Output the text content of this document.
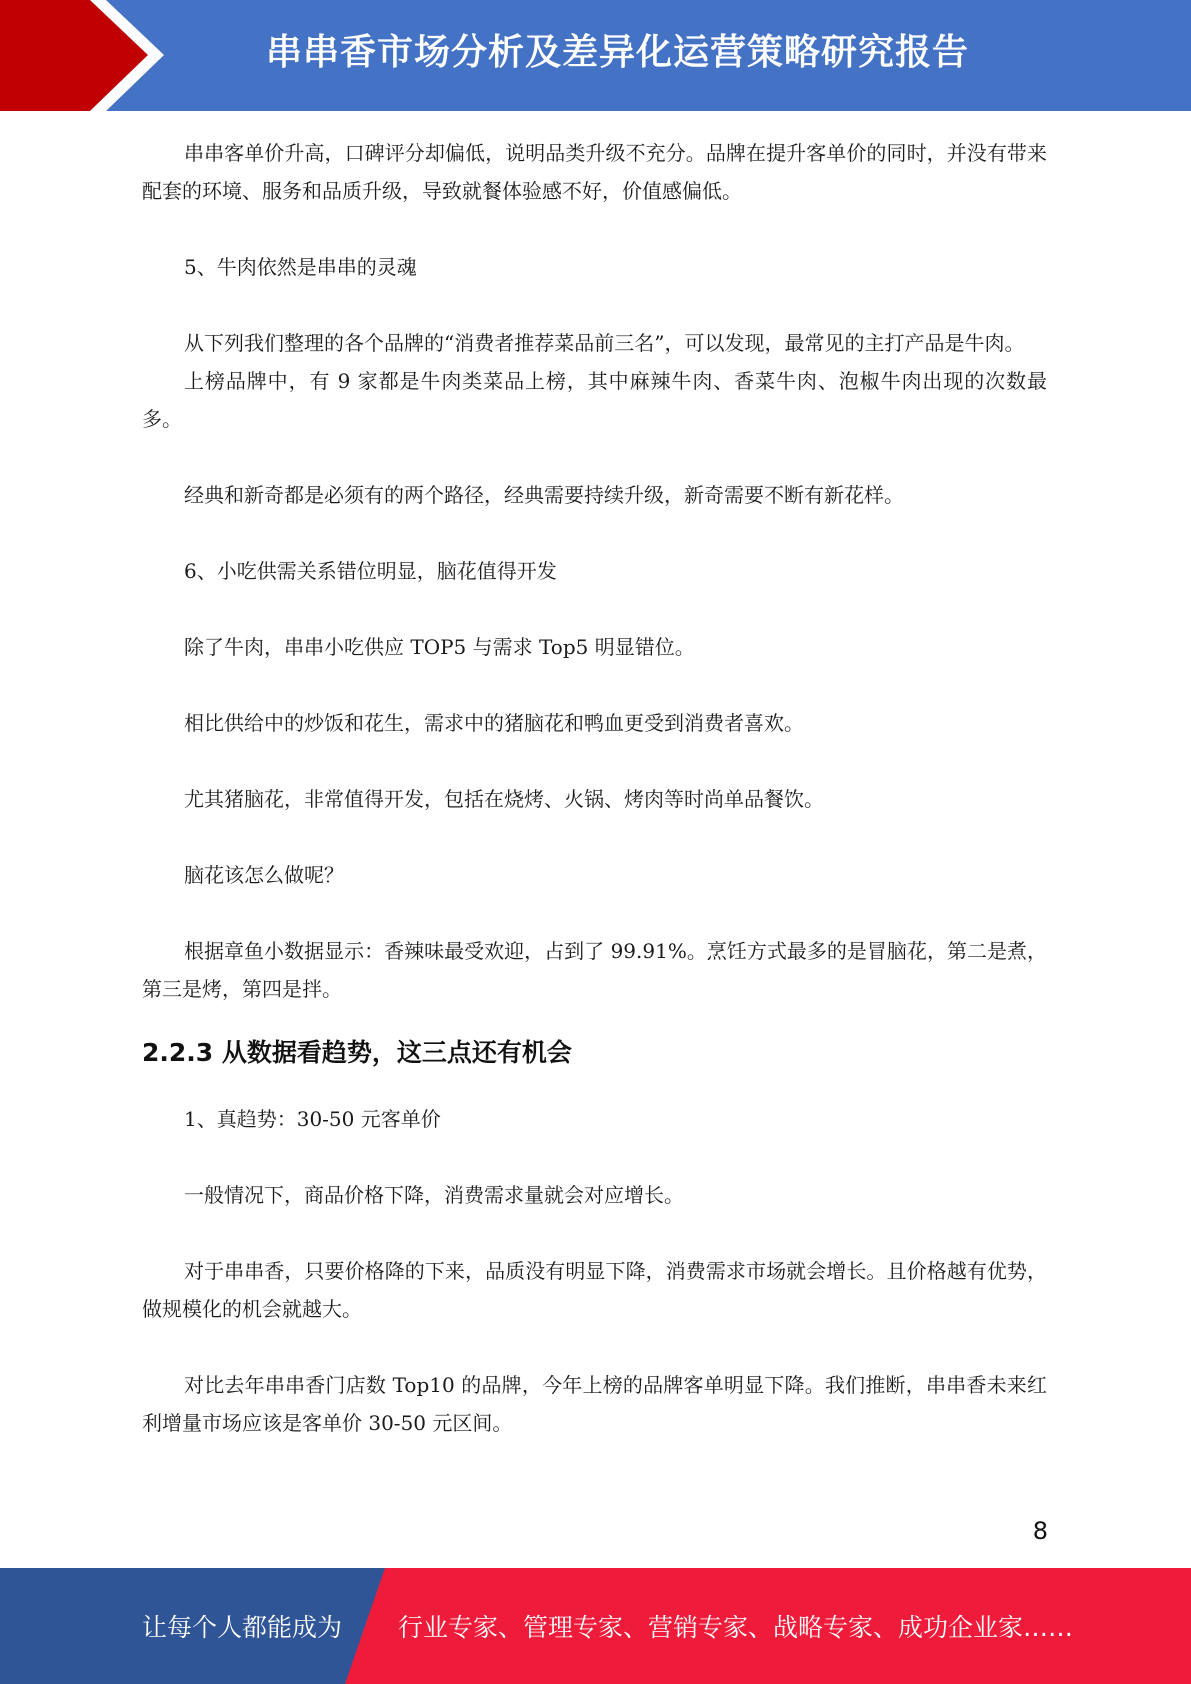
串串香市场分析及差异化运营策略研究报告

串串客单价升高，口碑评分却偏低，说明品类升级不充分。品牌在提升客单价的同时，并没有带来配套的环境、服务和品质升级，导致就餐体验感不好，价值感偏低。

5、牛肉依然是串串的灵魂

从下列我们整理的各个品牌的“消费者推荐菜品前三名”，可以发现，最常见的主打产品是牛肉。

上榜品牌中，有 9 家都是牛肉类菜品上榜，其中麻辣牛肉、香菜牛肉、泡椒牛肉出现的次数最多。

经典和新奇都是必须有的两个路径，经典需要持续升级，新奇需要不断有新花样。

6、小吃供需关系错位明显，脑花值得开发

除了牛肉，串串小吃供应 TOP5 与需求 Top5 明显错位。

相比供给中的炒饭和花生，需求中的猪脑花和鸭血更受到消费者喜欢。

尤其猪脑花，非常值得开发，包括在烧烤、火锅、烤肉等时尚单品餐饮。

脑花该怎么做呢？

根据章鱼小数据显示：香辣味最受欢迎，占到了 99.91%。烹饪方式最多的是冒脑花，第二是煮，第三是烤，第四是拌。

2.2.3 从数据看趋势，这三点还有机会

1、真趋势：30-50 元客单价

一般情况下，商品价格下降，消费需求量就会对应增长。

对于串串香，只要价格降的下来，品质没有明显下降，消费需求市场就会增长。且价格越有优势，做规模化的机会就越大。

对比去年串串香门店数 Top10 的品牌，今年上榜的品牌客单明显下降。我们推断，串串香未来红利增量市场应该是客单价 30-50 元区间。

8
让每个人都能成为 行业专家、管理专家、营销专家、战略专家、成功企业家……
